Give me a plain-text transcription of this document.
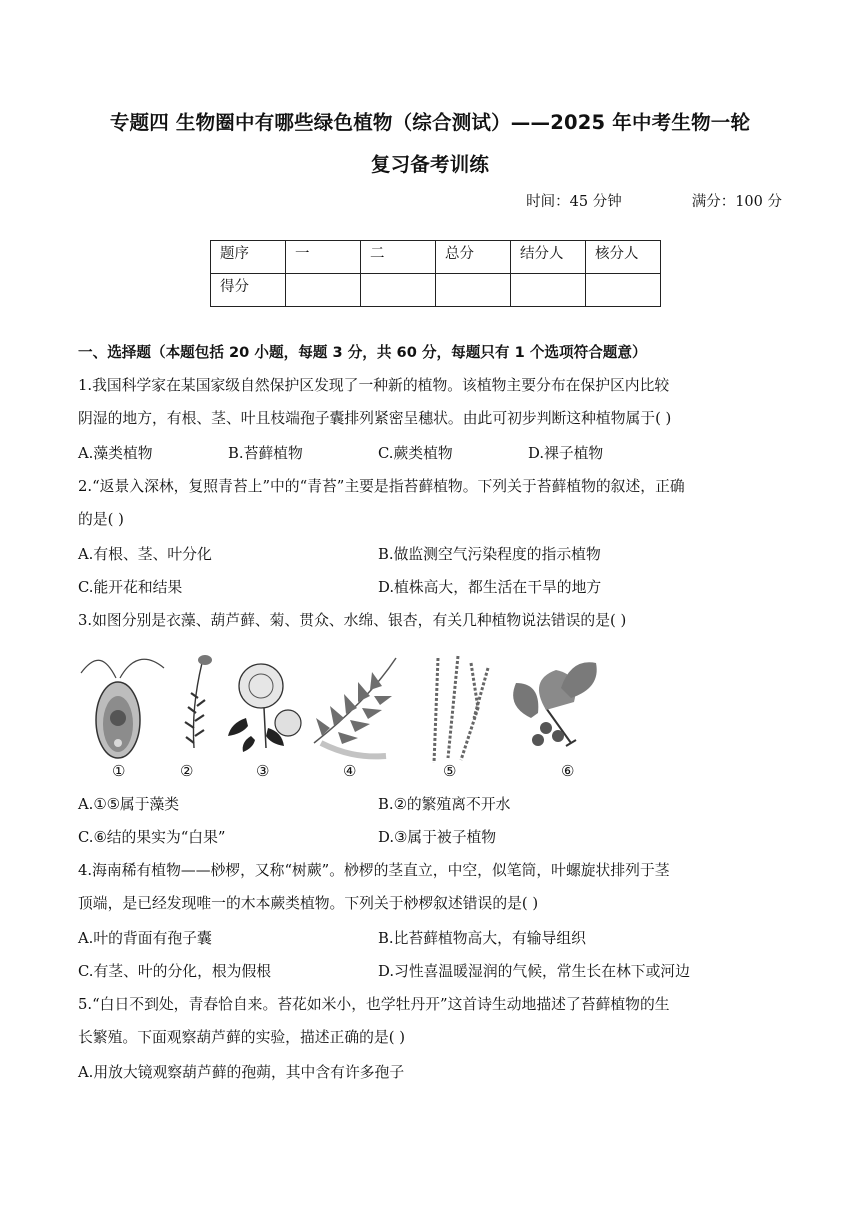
专题四 生物圈中有哪些绿色植物（综合测试）——2025 年中考生物一轮
复习备考训练
时间：45 分钟	满分：100 分
题序	一	二	总分	结分人	核分人
得分					
一、选择题（本题包括 20 小题，每题 3 分，共 60 分，每题只有 1 个选项符合题意）
1.我国科学家在某国家级自然保护区发现了一种新的植物。该植物主要分布在保护区内比较
阴湿的地方，有根、茎、叶且枝端孢子囊排列紧密呈穗状。由此可初步判断这种植物属于( )
A.藻类植物	B.苔藓植物	C.蕨类植物	D.裸子植物
2.“返景入深林，复照青苔上”中的“青苔”主要是指苔藓植物。下列关于苔藓植物的叙述，正确
的是( )
A.有根、茎、叶分化	B.做监测空气污染程度的指示植物
C.能开花和结果	D.植株高大，都生活在干旱的地方
3.如图分别是衣藻、葫芦藓、菊、贯众、水绵、银杏，有关几种植物说法错误的是( )
①	②	③	④	⑤	⑥
A.①⑤属于藻类	B.②的繁殖离不开水
C.⑥结的果实为“白果”	D.③属于被子植物
4.海南稀有植物——桫椤，又称“树蕨”。桫椤的茎直立，中空，似笔筒，叶螺旋状排列于茎
顶端，是已经发现唯一的木本蕨类植物。下列关于桫椤叙述错误的是( )
A.叶的背面有孢子囊	B.比苔藓植物高大，有输导组织
C.有茎、叶的分化，根为假根	D.习性喜温暖湿润的气候，常生长在林下或河边
5.“白日不到处，青春恰自来。苔花如米小，也学牡丹开”这首诗生动地描述了苔藓植物的生
长繁殖。下面观察葫芦藓的实验，描述正确的是( )
A.用放大镜观察葫芦藓的孢蒴，其中含有许多孢子
